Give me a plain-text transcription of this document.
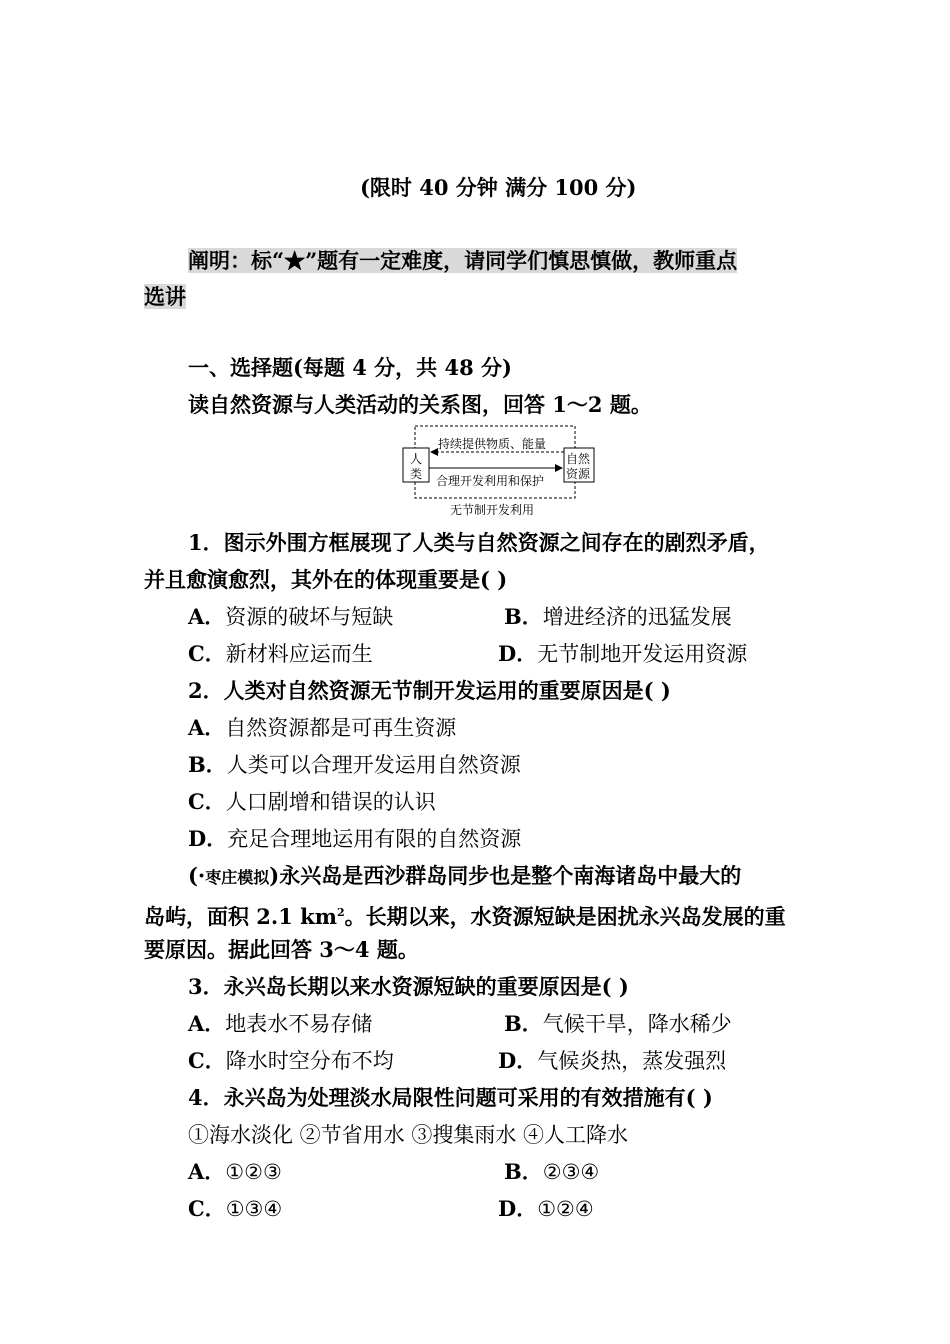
(限时 40 分钟 满分 100 分)
阐明：标“★”题有一定难度，请同学们慎思慎做，教师重点
选讲
一、选择题(每题 4 分，共 48 分)
读自然资源与人类活动的关系图，回答 1～2 题。
人
类
自然
资源
持续提供物质、能量
合理开发利用和保护
无节制开发利用
1．图示外围方框展现了人类与自然资源之间存在的剧烈矛盾，
并且愈演愈烈，其外在的体现重要是( )
A．资源的破坏与短缺	B．增进经济的迅猛发展
C．新材料应运而生	D．无节制地开发运用资源
2．人类对自然资源无节制开发运用的重要原因是( )
A．自然资源都是可再生资源
B．人类可以合理开发运用自然资源
C．人口剧增和错误的认识
D．充足合理地运用有限的自然资源
(·枣庄模拟)永兴岛是西沙群岛同步也是整个南海诸岛中最大的
岛屿，面积 2.1 $km^2$。长期以来，水资源短缺是困扰永兴岛发展的重
要原因。据此回答 3～4 题。
3．永兴岛长期以来水资源短缺的重要原因是( )
A．地表水不易存储	B．气候干旱，降水稀少
C．降水时空分布不均	D．气候炎热，蒸发强烈
4．永兴岛为处理淡水局限性问题可采用的有效措施有( )
①海水淡化 ②节省用水 ③搜集雨水 ④人工降水
A．①②③	B．②③④
C．①③④	D．①②④
